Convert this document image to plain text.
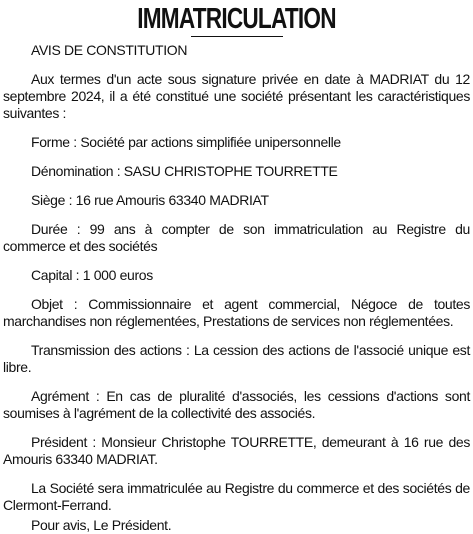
IMMATRICULATION

AVIS DE CONSTITUTION

Aux termes d'un acte sous signature privée en date à MADRIAT du 12 septembre 2024, il a été constitué une société présentant les caractéristiques suivantes :

Forme : Société par actions simplifiée unipersonnelle

Dénomination : SASU CHRISTOPHE TOURRETTE

Siège : 16 rue Amouris 63340 MADRIAT

Durée : 99 ans à compter de son immatriculation au Registre du commerce et des sociétés

Capital : 1 000 euros

Objet : Commissionnaire et agent commercial, Négoce de toutes marchandises non réglementées, Prestations de services non réglementées.

Transmission des actions : La cession des actions de l'associé unique est libre.

Agrément : En cas de pluralité d'associés, les cessions d'actions sont soumises à l'agrément de la collectivité des associés.

Président : Monsieur Christophe TOURRETTE, demeurant à 16 rue des Amouris 63340 MADRIAT.

La Société sera immatriculée au Registre du commerce et des sociétés de Clermont-Ferrand.

Pour avis, Le Président.
